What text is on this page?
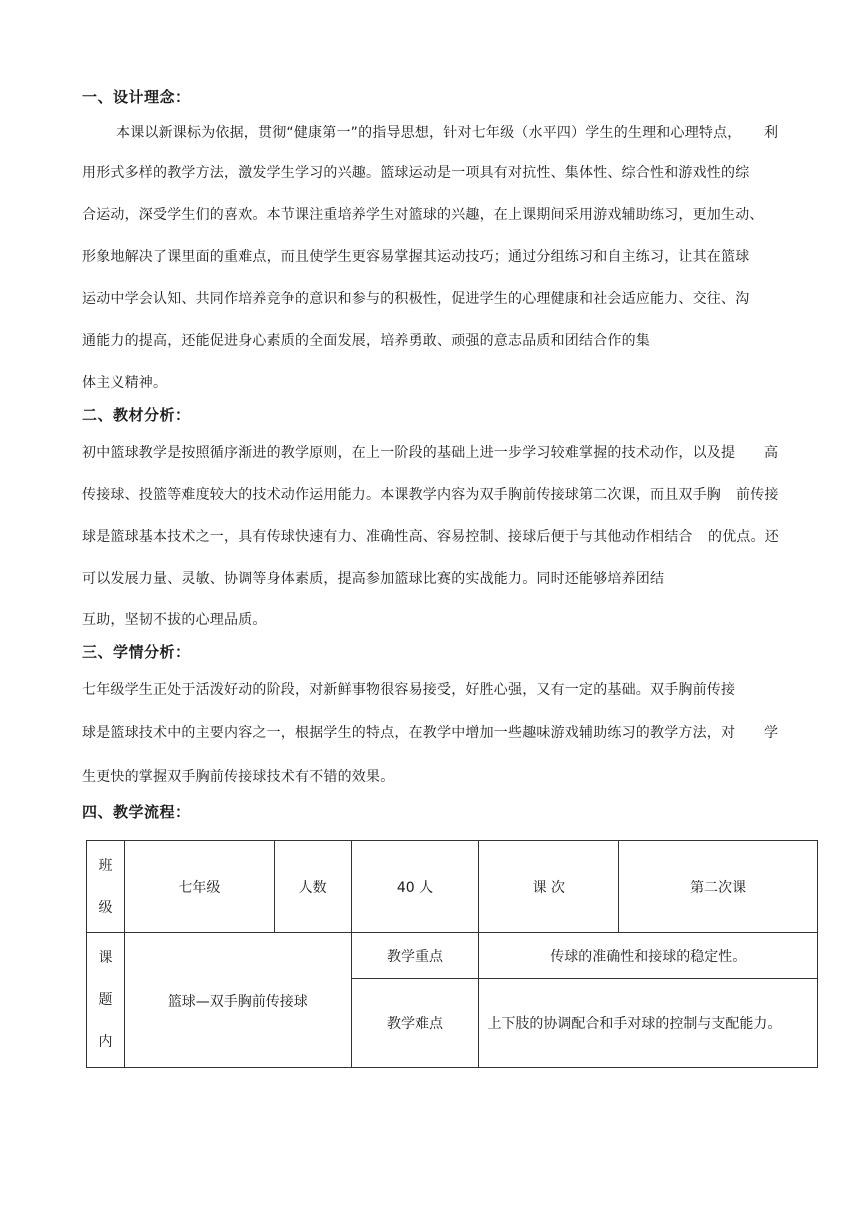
一、设计理念：
本课以新课标为依据，贯彻“健康第一”的指导思想，针对七年级（水平四）学生的生理和心理特点， 利
用形式多样的教学方法，激发学生学习的兴趣。篮球运动是一项具有对抗性、集体性、综合性和游戏性的综
合运动，深受学生们的喜欢。本节课注重培养学生对篮球的兴趣，在上课期间采用游戏辅助练习，更加生动、
形象地解决了课里面的重难点，而且使学生更容易掌握其运动技巧；通过分组练习和自主练习，让其在篮球
运动中学会认知、共同作培养竞争的意识和参与的积极性，促进学生的心理健康和社会适应能力、交往、沟
通能力的提高，还能促进身心素质的全面发展，培养勇敢、顽强的意志品质和团结合作的集
体主义精神。
二、教材分析：
初中篮球教学是按照循序渐进的教学原则，在上一阶段的基础上进一步学习较难掌握的技术动作，以及提 高
传接球、投篮等难度较大的技术动作运用能力。本课教学内容为双手胸前传接球第二次课，而且双手胸 前传接
球是篮球基本技术之一，具有传球快速有力、准确性高、容易控制、接球后便于与其他动作相结合 的优点。还
可以发展力量、灵敏、协调等身体素质，提高参加篮球比赛的实战能力。同时还能够培养团结
互助，坚韧不拔的心理品质。
三、学情分析：
七年级学生正处于活泼好动的阶段，对新鲜事物很容易接受，好胜心强，又有一定的基础。双手胸前传接
球是篮球技术中的主要内容之一，根据学生的特点，在教学中增加一些趣味游戏辅助练习的教学方法，对 学
生更快的掌握双手胸前传接球技术有不错的效果。
四、教学流程：
班
级	七年级	人数	40 人	课 次	第二次课

课
题
内	篮球—双手胸前传接球		教学重点	传球的准确性和接球的稳定性。	
			教学难点	上下肢的协调配合和手对球的控制与支配能力。	
